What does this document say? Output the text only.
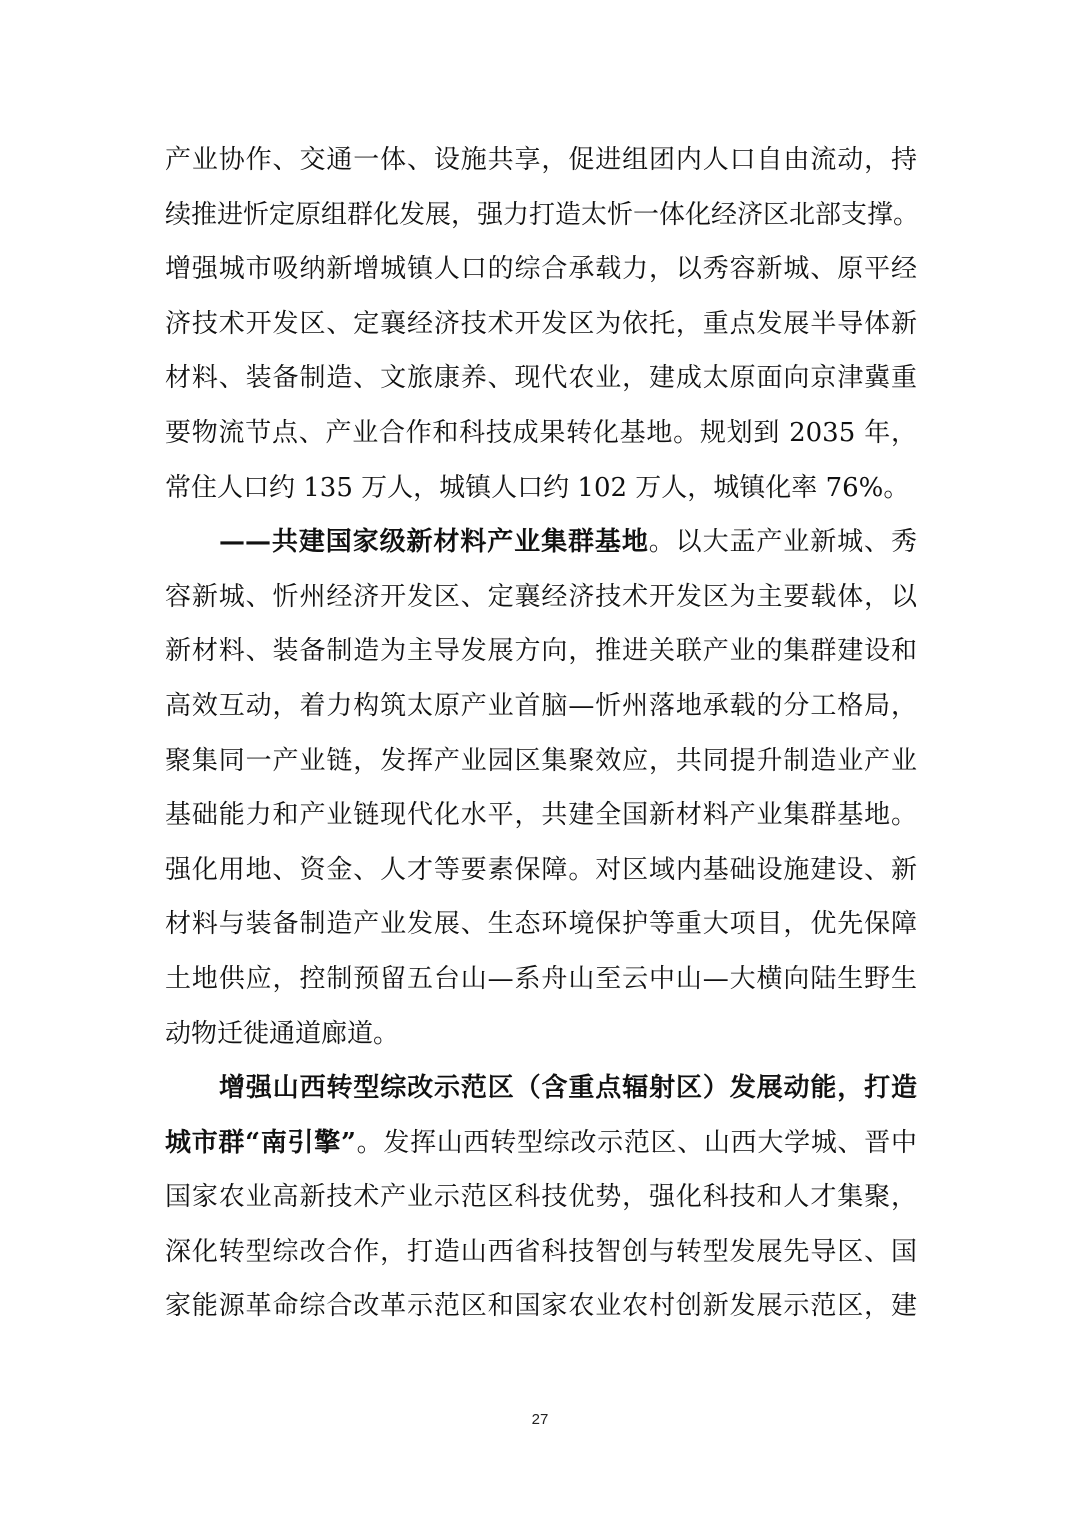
产业协作、交通一体、设施共享，促进组团内人口自由流动，持
续推进忻定原组群化发展，强力打造太忻一体化经济区北部支撑。
增强城市吸纳新增城镇人口的综合承载力，以秀容新城、原平经
济技术开发区、定襄经济技术开发区为依托，重点发展半导体新
材料、装备制造、文旅康养、现代农业，建成太原面向京津冀重
要物流节点、产业合作和科技成果转化基地。规划到 2035 年，
常住人口约 135 万人，城镇人口约 102 万人，城镇化率 76%。
——共建国家级新材料产业集群基地。以大盂产业新城、秀
容新城、忻州经济开发区、定襄经济技术开发区为主要载体，以
新材料、装备制造为主导发展方向，推进关联产业的集群建设和
高效互动，着力构筑太原产业首脑—忻州落地承载的分工格局，
聚集同一产业链，发挥产业园区集聚效应，共同提升制造业产业
基础能力和产业链现代化水平，共建全国新材料产业集群基地。
强化用地、资金、人才等要素保障。对区域内基础设施建设、新
材料与装备制造产业发展、生态环境保护等重大项目，优先保障
土地供应，控制预留五台山—系舟山至云中山—大横向陆生野生
动物迁徙通道廊道。
增强山西转型综改示范区（含重点辐射区）发展动能，打造
城市群“南引擎”。发挥山西转型综改示范区、山西大学城、晋中
国家农业高新技术产业示范区科技优势，强化科技和人才集聚，
深化转型综改合作，打造山西省科技智创与转型发展先导区、国
家能源革命综合改革示范区和国家农业农村创新发展示范区，建
27
